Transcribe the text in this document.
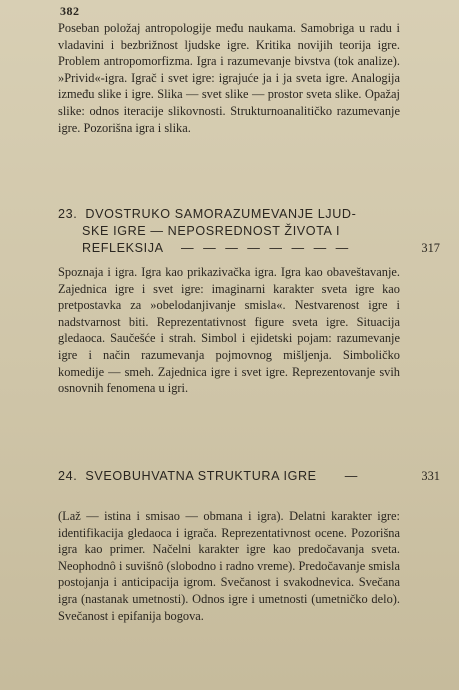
382

Poseban položaj antropologije među naukama. Samobriga u radu i vladavini i bezbrižnost ljudske igre. Kritika novijih teorija igre. Problem antropomorfizma. Igra i razumevanje bivstva (tok analize). »Privid«-igra. Igrač i svet igre: igrajuće ja i ja sveta igre. Analogija između slike i igre. Slika — svet slike — prostor sveta slike. Opažaj slike: odnos iteracije slikovnosti. Strukturnoanalitičko razumevanje igre. Pozorišna igra i slika.

23. DVOSTRUKO SAMORAZUMEVANJE LJUD-
SKE IGRE — NEPOSREDNOST ŽIVOTA I
REFLEKSIJA — — — — — — — —	317

Spoznaja i igra. Igra kao prikazivačka igra. Igra kao obaveštavanje. Zajednica igre i svet igre: imaginarni karakter sveta igre kao pretpostavka za »obelodanjivanje smisla«. Nestvarenost igre i nadstvarnost biti. Reprezentativnost figure sveta igre. Situacija gledaoca. Saučešće i strah. Simbol i ejidetski pojam: razumevanje igre i način razumevanja pojmovnog mišljenja. Simboličko komedije — smeh. Zajednica igre i svet igre. Reprezentovanje svih osnovnih fenomena u igri.

24. SVEOBUHVATNA STRUKTURA IGRE —	331

(Laž — istina i smisao — obmana i igra). Delatni karakter igre: identifikacija gledaoca i igrača. Reprezentativnost ocene. Pozorišna igra kao primer. Načelni karakter igre kao predočavanja sveta. Neophodnô i suvišnô (slobodno i radno vreme). Predočavanje smisla postojanja i anticipacija igrom. Svečanost i svakodnevica. Svečana igra (nastanak umetnosti). Odnos igre i umetnosti (umetničko delo). Svečanost i epifanija bogova.
